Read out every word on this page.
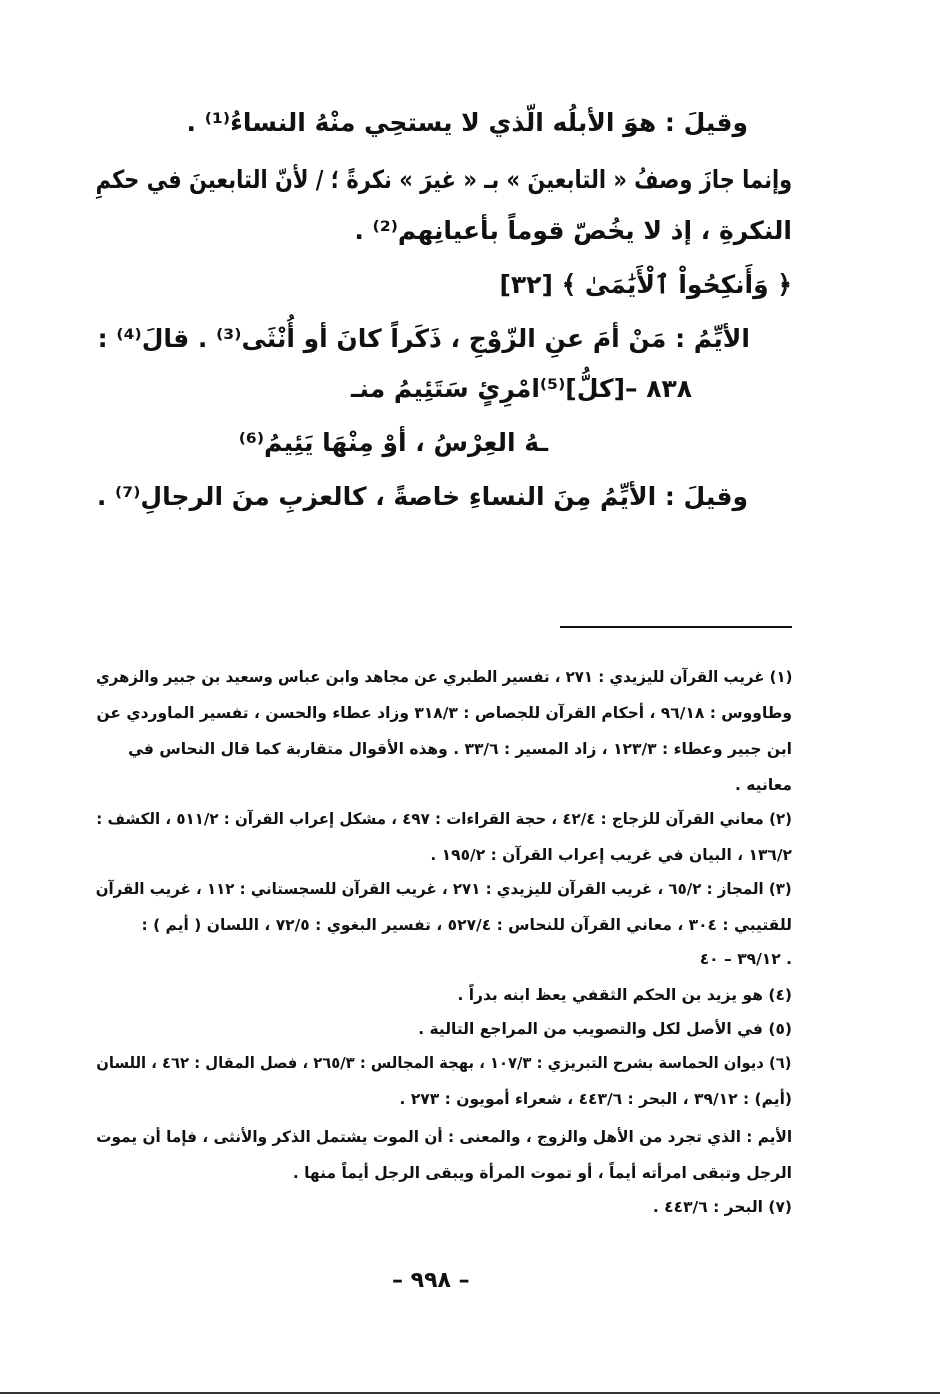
وقيلَ : هوَ الأبلُه الّذي لا يستحِي منْهُ النساءُ⁽¹⁾ .
وإنما جازَ وصفُ « التابعينَ » بـ « غيرَ » نكرةً ؛ / لأنّ التابعينَ في حكمِ
النكرةِ ، إذ لا يخُصّ قوماً بأعيانِهم⁽²⁾ .
﴿ وَأَنكِحُواْ ٱلْأَيَٰمَىٰ ﴾ [٣٢]
الأيِّمُ : مَنْ أمَ عنِ الزّوْجِ ، ذَكَراً كانَ أو أُنْثَى⁽³⁾ . قالَ⁽⁴⁾ :
٨٣٨ –[كلُّ]⁽⁵⁾امْرِئٍ سَتَئِيمُ منـ
ـهُ العِرْسُ ، أوْ مِنْهَا يَئِيمُ⁽⁶⁾
وقيلَ : الأيِّمُ مِنَ النساءِ خاصةً ، كالعزبِ منَ الرجالِ⁽⁷⁾ .
(١) غريب القرآن لليزيدي : ٢٧١ ، تفسير الطبري عن مجاهد وابن عباس وسعيد بن جبير والزهري
وطاووس : ٩٦/١٨ ، أحكام القرآن للجصاص : ٣١٨/٣ وزاد عطاء والحسن ، تفسير الماوردي عن
ابن جبير وعطاء : ١٢٣/٣ ، زاد المسير : ٣٣/٦ . وهذه الأقوال متقاربة كما قال النحاس في
معانيه .
(٢) معاني القرآن للزجاج : ٤٢/٤ ، حجة القراءات : ٤٩٧ ، مشكل إعراب القرآن : ٥١١/٢ ، الكشف :
١٣٦/٢ ، البيان في غريب إعراب القرآن : ١٩٥/٢ .
(٣) المجاز : ٦٥/٢ ، غريب القرآن لليزيدي : ٢٧١ ، غريب القرآن للسجستاني : ١١٢ ، غريب القرآن
للقتيبي : ٣٠٤ ، معاني القرآن للنحاس : ٥٢٧/٤ ، تفسير البغوي : ٧٢/٥ ، اللسان ( أيم ) :
٣٩/١٢ – ٤٠ .
(٤) هو يزيد بن الحكم الثقفي يعظ ابنه بدراً .
(٥) في الأصل لكل والتصويب من المراجع التالية .
(٦) ديوان الحماسة بشرح التبريزي : ١٠٧/٣ ، بهجة المجالس : ٢٦٥/٣ ، فصل المقال : ٤٦٢ ، اللسان
(أيم) : ٣٩/١٢ ، البحر : ٤٤٣/٦ ، شعراء أمويون : ٢٧٣ .
الأيم : الذي تجرد من الأهل والزوج ، والمعنى : أن الموت يشتمل الذكر والأنثى ، فإما أن يموت
الرجل وتبقى امرأته أيماً ، أو تموت المرأة ويبقى الرجل أيماً منها .
(٧) البحر : ٤٤٣/٦ .
– ٩٩٨ –
